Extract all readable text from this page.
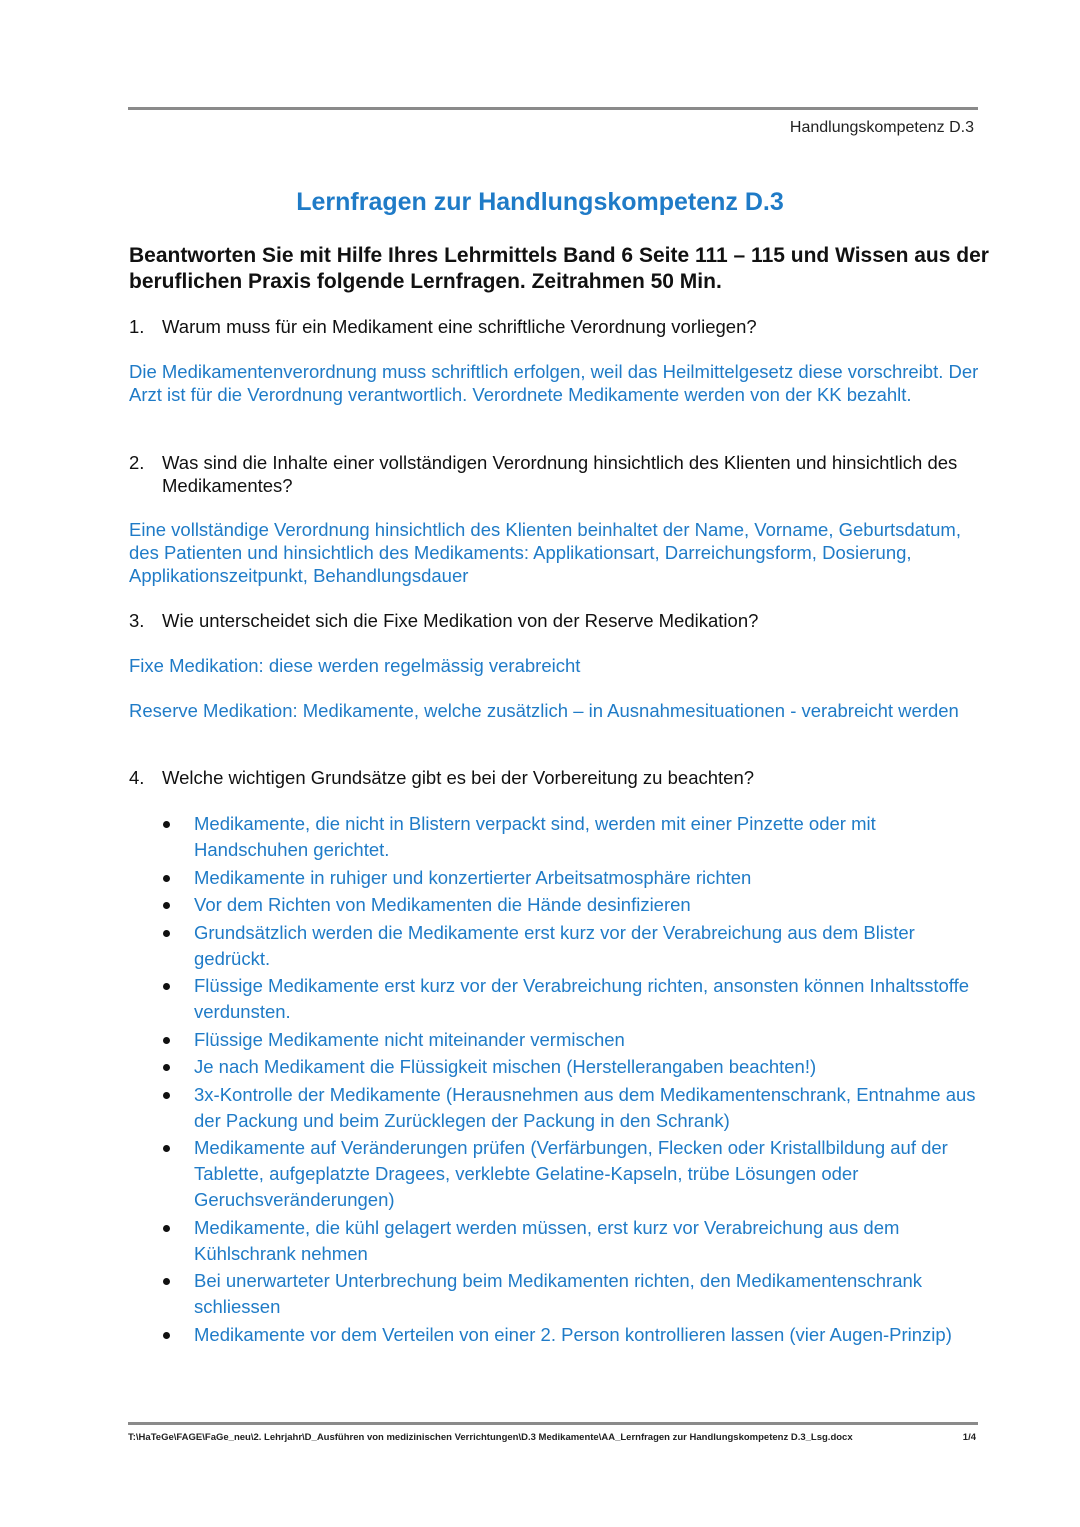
Handlungskompetenz D.3
Lernfragen zur Handlungskompetenz D.3
Beantworten Sie mit Hilfe Ihres Lehrmittels Band 6 Seite 111 – 115 und Wissen aus der beruflichen Praxis folgende Lernfragen. Zeitrahmen 50 Min.
1. Warum muss für ein Medikament eine schriftliche Verordnung vorliegen?

Die Medikamentenverordnung muss schriftlich erfolgen, weil das Heilmittelgesetz diese vorschreibt. Der Arzt ist für die Verordnung verantwortlich. Verordnete Medikamente werden von der KK bezahlt.

2. Was sind die Inhalte einer vollständigen Verordnung hinsichtlich des Klienten und hinsichtlich des Medikamentes?

Eine vollständige Verordnung hinsichtlich des Klienten beinhaltet der Name, Vorname, Geburtsdatum, des Patienten und hinsichtlich des Medikaments: Applikationsart, Darreichungsform, Dosierung, Applikationszeitpunkt, Behandlungsdauer

3. Wie unterscheidet sich die Fixe Medikation von der Reserve Medikation?

Fixe Medikation: diese werden regelmässig verabreicht

Reserve Medikation: Medikamente, welche zusätzlich – in Ausnahmesituationen - verabreicht werden

4. Welche wichtigen Grundsätze gibt es bei der Vorbereitung zu beachten?
Medikamente, die nicht in Blistern verpackt sind, werden mit einer Pinzette oder mit Handschuhen gerichtet.
Medikamente in ruhiger und konzertierter Arbeitsatmosphäre richten
Vor dem Richten von Medikamenten die Hände desinfizieren
Grundsätzlich werden die Medikamente erst kurz vor der Verabreichung aus dem Blister gedrückt.
Flüssige Medikamente erst kurz vor der Verabreichung richten, ansonsten können Inhaltsstoffe verdunsten.
Flüssige Medikamente nicht miteinander vermischen
Je nach Medikament die Flüssigkeit mischen (Herstellerangaben beachten!)
3x-Kontrolle der Medikamente (Herausnehmen aus dem Medikamentenschrank, Entnahme aus der Packung und beim Zurücklegen der Packung in den Schrank)
Medikamente auf Veränderungen prüfen (Verfärbungen, Flecken oder Kristallbildung auf der Tablette, aufgeplatzte Dragees, verklebte Gelatine-Kapseln, trübe Lösungen oder Geruchsveränderungen)
Medikamente, die kühl gelagert werden müssen, erst kurz vor Verabreichung aus dem Kühlschrank nehmen
Bei unerwarteter Unterbrechung beim Medikamenten richten, den Medikamentenschrank schliessen
Medikamente vor dem Verteilen von einer 2. Person kontrollieren lassen (vier Augen-Prinzip)
T:\HaTeGe\FAGE\FaGe_neu\2. Lehrjahr\D_Ausführen von medizinischen Verrichtungen\D.3 Medikamente\AA_Lernfragen zur Handlungskompetenz D.3_Lsg.docx	1/4
